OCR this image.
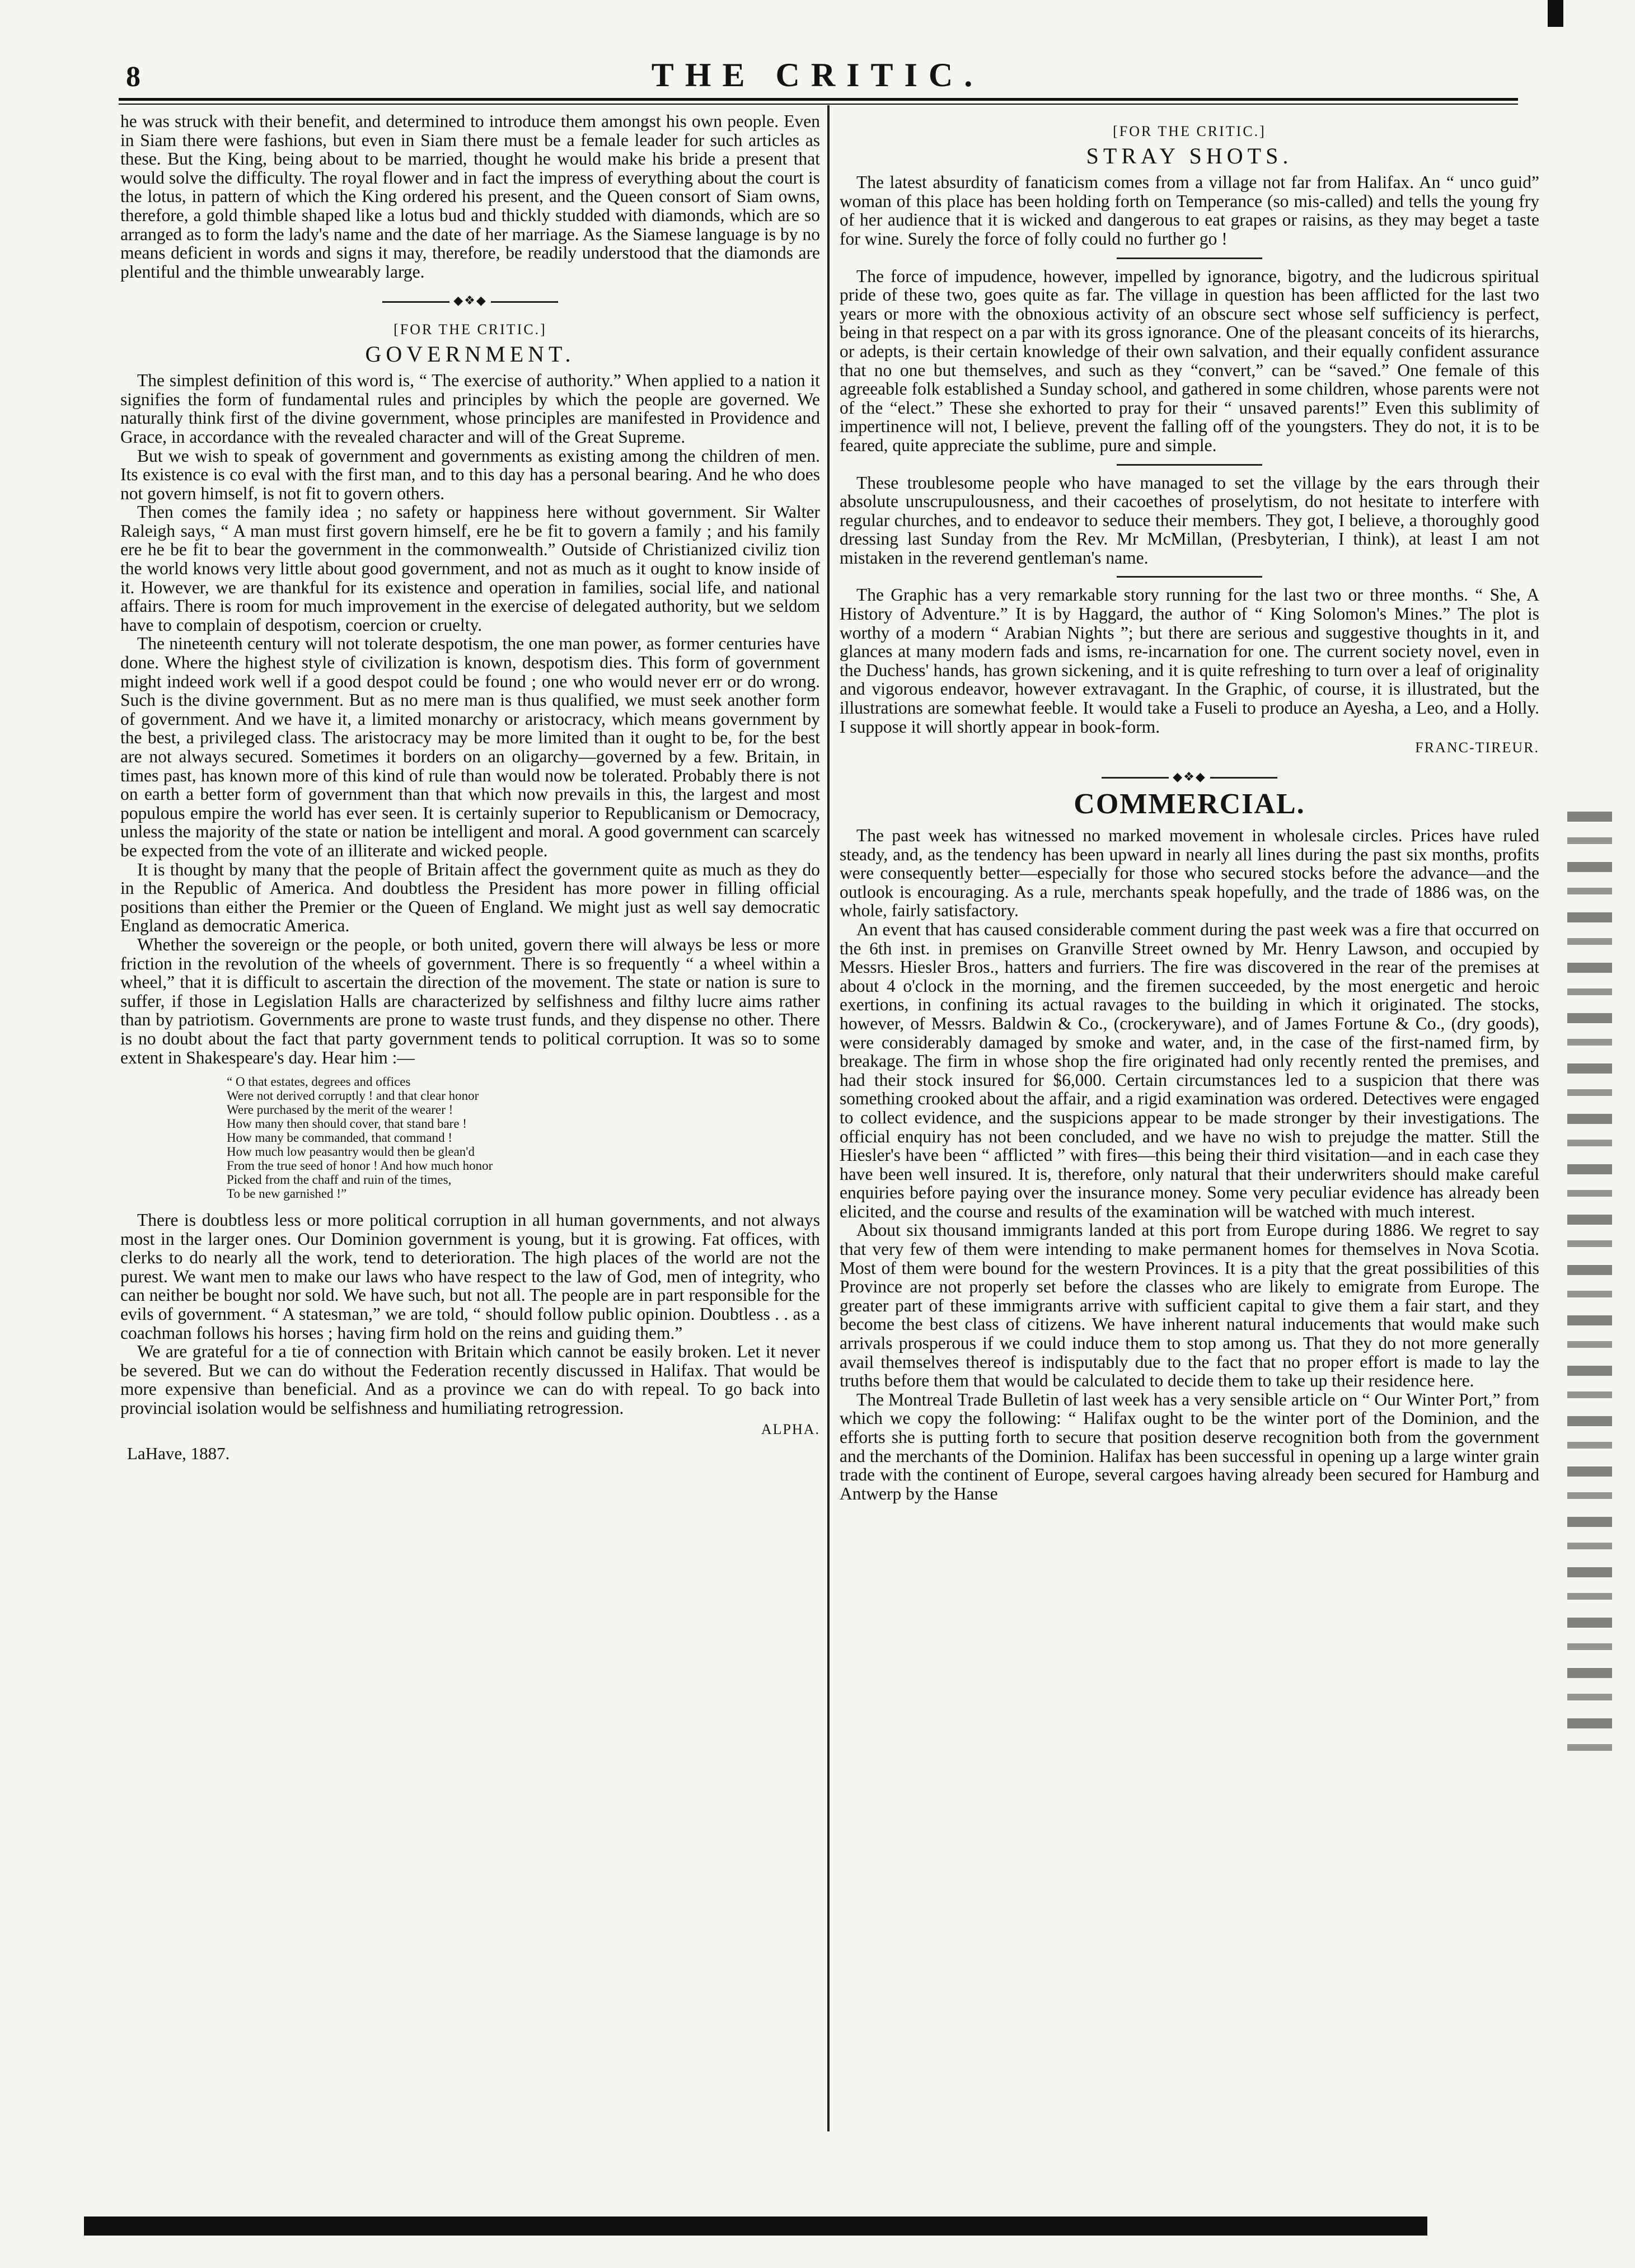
8	THE CRITIC.

he was struck with their benefit, and determined to introduce them amongst his own people. Even in Siam there were fashions, but even in Siam there must be a female leader for such articles as these. But the King, being about to be married, thought he would make his bride a present that would solve the difficulty. The royal flower and in fact the impress of everything about the court is the lotus, in pattern of which the King ordered his present, and the Queen consort of Siam owns, therefore, a gold thimble shaped like a lotus bud and thickly studded with diamonds, which are so arranged as to form the lady's name and the date of her marriage. As the Siamese language is by no means deficient in words and signs it may, therefore, be readily understood that the diamonds are plentiful and the thimble unwearably large.

◆❖◆
[FOR THE CRITIC.]
GOVERNMENT.

The simplest definition of this word is, “ The exercise of authority.” When applied to a nation it signifies the form of fundamental rules and principles by which the people are governed. We naturally think first of the divine government, whose principles are manifested in Providence and Grace, in accordance with the revealed character and will of the Great Supreme.

But we wish to speak of government and governments as existing among the children of men. Its existence is co eval with the first man, and to this day has a personal bearing. And he who does not govern himself, is not fit to govern others.

Then comes the family idea ; no safety or happiness here without government. Sir Walter Raleigh says, “ A man must first govern himself, ere he be fit to govern a family ; and his family ere he be fit to bear the government in the commonwealth.” Outside of Christianized civiliz tion the world knows very little about good government, and not as much as it ought to know inside of it. However, we are thankful for its existence and operation in families, social life, and national affairs. There is room for much improvement in the exercise of delegated authority, but we seldom have to complain of despotism, coercion or cruelty.

The nineteenth century will not tolerate despotism, the one man power, as former centuries have done. Where the highest style of civilization is known, despotism dies. This form of government might indeed work well if a good despot could be found ; one who would never err or do wrong. Such is the divine government. But as no mere man is thus qualified, we must seek another form of government. And we have it, a limited monarchy or aristocracy, which means government by the best, a privileged class. The aristocracy may be more limited than it ought to be, for the best are not always secured. Sometimes it borders on an oligarchy—governed by a few. Britain, in times past, has known more of this kind of rule than would now be tolerated. Probably there is not on earth a better form of government than that which now prevails in this, the largest and most populous empire the world has ever seen. It is certainly superior to Republicanism or Democracy, unless the majority of the state or nation be intelligent and moral. A good government can scarcely be expected from the vote of an illiterate and wicked people.

It is thought by many that the people of Britain affect the government quite as much as they do in the Republic of America. And doubtless the President has more power in filling official positions than either the Premier or the Queen of England. We might just as well say democratic England as democratic America.

Whether the sovereign or the people, or both united, govern there will always be less or more friction in the revolution of the wheels of government. There is so frequently “ a wheel within a wheel,” that it is difficult to ascertain the direction of the movement. The state or nation is sure to suffer, if those in Legislation Halls are characterized by selfishness and filthy lucre aims rather than by patriotism. Governments are prone to waste trust funds, and they dispense no other. There is no doubt about the fact that party government tends to political corruption. It was so to some extent in Shakespeare's day. Hear him :—

“ O that estates, degrees and offices
Were not derived corruptly ! and that clear honor
Were purchased by the merit of the wearer !
How many then should cover, that stand bare !
How many be commanded, that command !
How much low peasantry would then be glean'd
From the true seed of honor ! And how much honor
Picked from the chaff and ruin of the times,
To be new garnished !”

There is doubtless less or more political corruption in all human governments, and not always most in the larger ones. Our Dominion government is young, but it is growing. Fat offices, with clerks to do nearly all the work, tend to deterioration. The high places of the world are not the purest. We want men to make our laws who have respect to the law of God, men of integrity, who can neither be bought nor sold. We have such, but not all. The people are in part responsible for the evils of government. “ A statesman,” we are told, “ should follow public opinion. Doubtless . . as a coachman follows his horses ; having firm hold on the reins and guiding them.”

We are grateful for a tie of connection with Britain which cannot be easily broken. Let it never be severed. But we can do without the Federation recently discussed in Halifax. That would be more expensive than beneficial. And as a province we can do with repeal. To go back into provincial isolation would be selfishness and humiliating retrogression.

ALPHA.
LaHave, 1887.
[FOR THE CRITIC.]
STRAY SHOTS.

The latest absurdity of fanaticism comes from a village not far from Halifax. An “ unco guid” woman of this place has been holding forth on Temperance (so mis-called) and tells the young fry of her audience that it is wicked and dangerous to eat grapes or raisins, as they may beget a taste for wine. Surely the force of folly could no further go !

The force of impudence, however, impelled by ignorance, bigotry, and the ludicrous spiritual pride of these two, goes quite as far. The village in question has been afflicted for the last two years or more with the obnoxious activity of an obscure sect whose self sufficiency is perfect, being in that respect on a par with its gross ignorance. One of the pleasant conceits of its hierarchs, or adepts, is their certain knowledge of their own salvation, and their equally confident assurance that no one but themselves, and such as they “convert,” can be “saved.” One female of this agreeable folk established a Sunday school, and gathered in some children, whose parents were not of the “elect.” These she exhorted to pray for their “ unsaved parents!” Even this sublimity of impertinence will not, I believe, prevent the falling off of the youngsters. They do not, it is to be feared, quite appreciate the sublime, pure and simple.

These troublesome people who have managed to set the village by the ears through their absolute unscrupulousness, and their cacoethes of proselytism, do not hesitate to interfere with regular churches, and to endeavor to seduce their members. They got, I believe, a thoroughly good dressing last Sunday from the Rev. Mr McMillan, (Presbyterian, I think), at least I am not mistaken in the reverend gentleman's name.

The Graphic has a very remarkable story running for the last two or three months. “ She, A History of Adventure.” It is by Haggard, the author of “ King Solomon's Mines.” The plot is worthy of a modern “ Arabian Nights ”; but there are serious and suggestive thoughts in it, and glances at many modern fads and isms, re-incarnation for one. The current society novel, even in the Duchess' hands, has grown sickening, and it is quite refreshing to turn over a leaf of originality and vigorous endeavor, however extravagant. In the Graphic, of course, it is illustrated, but the illustrations are somewhat feeble. It would take a Fuseli to produce an Ayesha, a Leo, and a Holly. I suppose it will shortly appear in book-form.

FRANC-TIREUR.
◆❖◆
COMMERCIAL.

The past week has witnessed no marked movement in wholesale circles. Prices have ruled steady, and, as the tendency has been upward in nearly all lines during the past six months, profits were consequently better—especially for those who secured stocks before the advance—and the outlook is encouraging. As a rule, merchants speak hopefully, and the trade of 1886 was, on the whole, fairly satisfactory.

An event that has caused considerable comment during the past week was a fire that occurred on the 6th inst. in premises on Granville Street owned by Mr. Henry Lawson, and occupied by Messrs. Hiesler Bros., hatters and furriers. The fire was discovered in the rear of the premises at about 4 o'clock in the morning, and the firemen succeeded, by the most energetic and heroic exertions, in confining its actual ravages to the building in which it originated. The stocks, however, of Messrs. Baldwin & Co., (crockeryware), and of James Fortune & Co., (dry goods), were considerably damaged by smoke and water, and, in the case of the first-named firm, by breakage. The firm in whose shop the fire originated had only recently rented the premises, and had their stock insured for $6,000. Certain circumstances led to a suspicion that there was something crooked about the affair, and a rigid examination was ordered. Detectives were engaged to collect evidence, and the suspicions appear to be made stronger by their investigations. The official enquiry has not been concluded, and we have no wish to prejudge the matter. Still the Hiesler's have been “ afflicted ” with fires—this being their third visitation—and in each case they have been well insured. It is, therefore, only natural that their underwriters should make careful enquiries before paying over the insurance money. Some very peculiar evidence has already been elicited, and the course and results of the examination will be watched with much interest.

About six thousand immigrants landed at this port from Europe during 1886. We regret to say that very few of them were intending to make permanent homes for themselves in Nova Scotia. Most of them were bound for the western Provinces. It is a pity that the great possibilities of this Province are not properly set before the classes who are likely to emigrate from Europe. The greater part of these immigrants arrive with sufficient capital to give them a fair start, and they become the best class of citizens. We have inherent natural inducements that would make such arrivals prosperous if we could induce them to stop among us. That they do not more generally avail themselves thereof is indisputably due to the fact that no proper effort is made to lay the truths before them that would be calculated to decide them to take up their residence here.

The Montreal Trade Bulletin of last week has a very sensible article on “ Our Winter Port,” from which we copy the following: “ Halifax ought to be the winter port of the Dominion, and the efforts she is putting forth to secure that position deserve recognition both from the government and the merchants of the Dominion. Halifax has been successful in opening up a large winter grain trade with the continent of Europe, several cargoes having already been secured for Hamburg and Antwerp by the Hanse
